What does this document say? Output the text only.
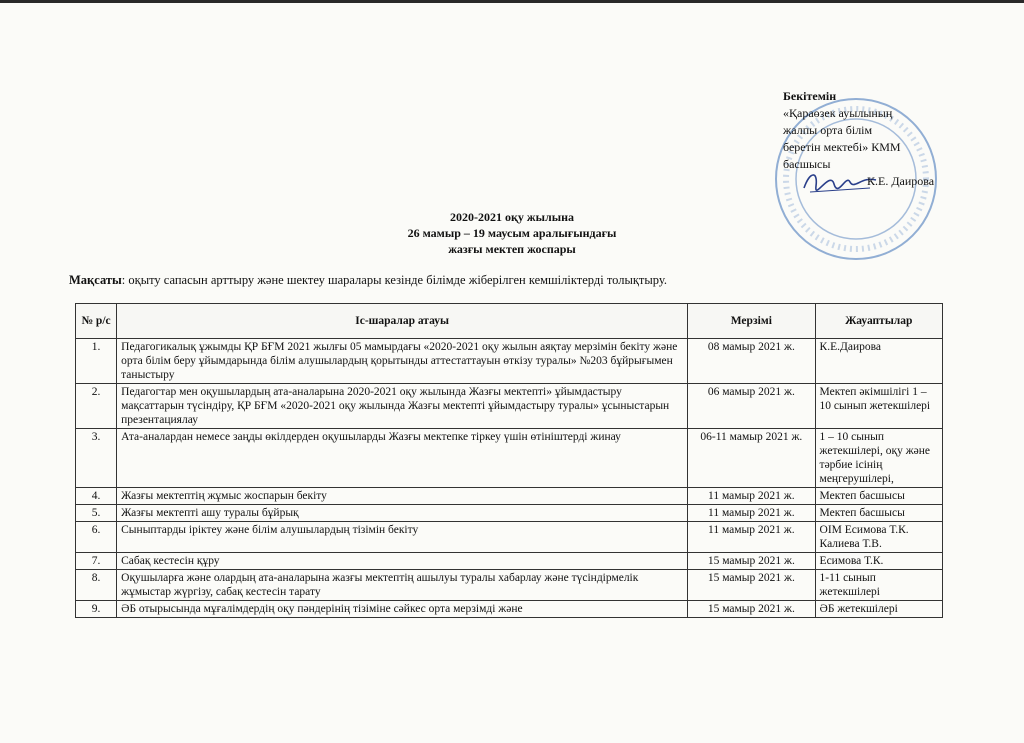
Бекітемін
«Қараөзек ауылының
жалпы орта білім
беретін мектебі» КММ
басшысы
К.Е. Даирова
2020-2021 оқу жылына
26 мамыр – 19 маусым аралығындағы
жазғы мектеп жоспары
Мақсаты: оқыту сапасын арттыру және шектеу шаралары кезінде білімде жіберілген кемшіліктерді толықтыру.
№ р/с	Іс-шаралар атауы	Мерзімі	Жауаптылар
1.	Педагогикалық ұжымды ҚР БҒМ 2021 жылғы 05 мамырдағы «2020-2021 оқу жылын аяқтау мерзімін бекіту және орта білім беру ұйымдарында білім алушылардың қорытынды аттестаттауын өткізу туралы» №203 бұйрығымен таныстыру	08 мамыр 2021 ж.	К.Е.Даирова
2.	Педагогтар мен оқушылардың ата-аналарына 2020-2021 оқу жылында Жазғы мектепті» ұйымдастыру мақсаттарын түсіндіру, ҚР БҒМ «2020-2021 оқу жылында Жазғы мектепті ұйымдастыру туралы» ұсыныстарын презентациялау	06 мамыр 2021 ж.	Мектеп әкімшілігі 1 – 10 сынып жетекшілері
3.	Ата-аналардан немесе заңды өкілдерден оқушыларды Жазғы мектепке тіркеу үшін өтініштерді жинау	06-11 мамыр 2021 ж.	1 – 10 сынып жетекшілері, оқу және тәрбие ісінің меңгерушілері,
4.	Жазғы мектептің жұмыс жоспарын бекіту	11 мамыр 2021 ж.	Мектеп басшысы
5.	Жазғы мектепті ашу туралы бұйрық	11 мамыр 2021 ж.	Мектеп басшысы
6.	Сыныптарды іріктеу және білім алушылардың тізімін бекіту	11 мамыр 2021 ж.	ОІМ Есимова Т.К. Калиева Т.В.
7.	Сабақ кестесін құру	15 мамыр 2021 ж.	Есимова Т.К.
8.	Оқушыларға және олардың ата-аналарына жазғы мектептің ашылуы туралы хабарлау және түсіндірмелік жұмыстар жүргізу, сабақ кестесін тарату	15 мамыр 2021 ж.	1-11 сынып жетекшілері
9.	ӘБ отырысында мұғалімдердің оқу пәндерінің тізіміне сәйкес орта мерзімді және	15 мамыр 2021 ж.	ӘБ жетекшілері
